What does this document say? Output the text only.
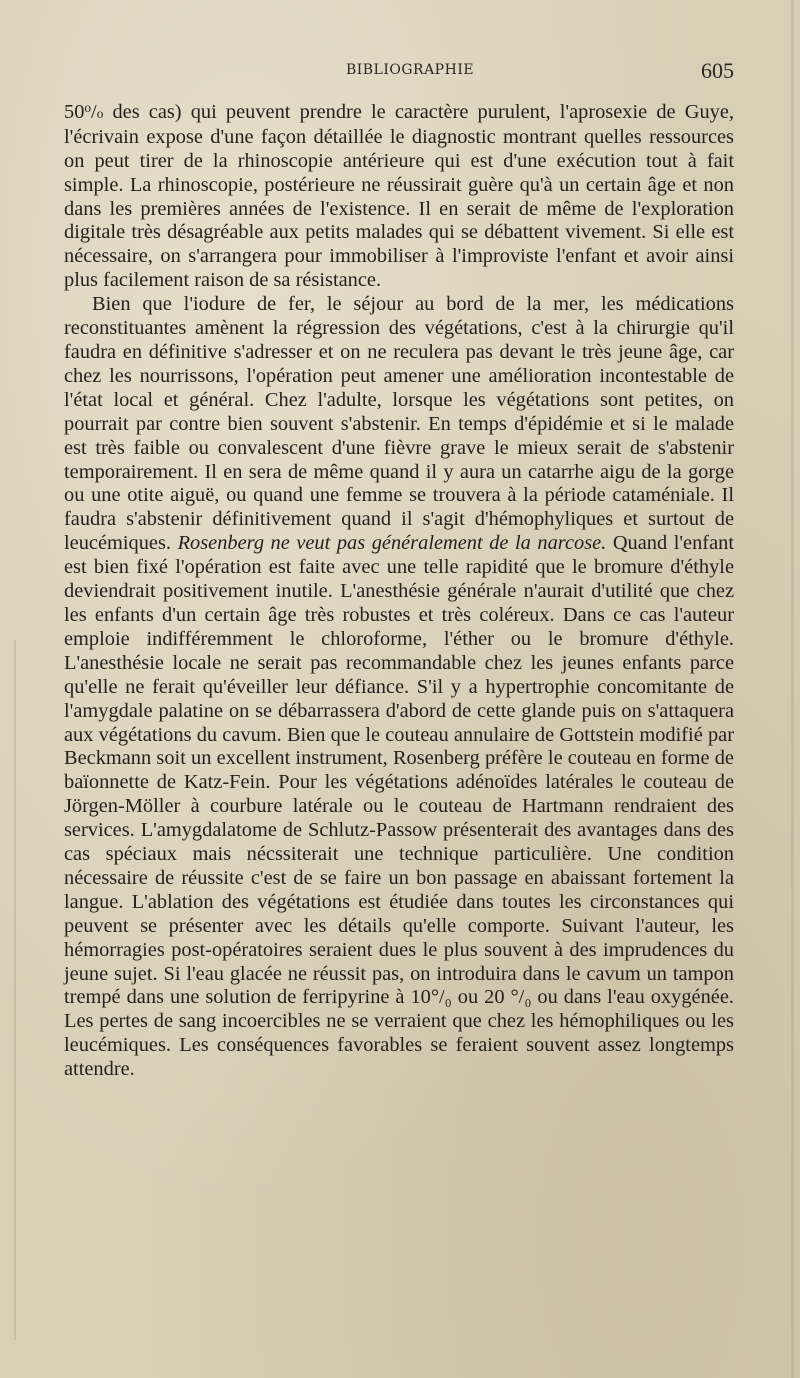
BIBLIOGRAPHIE	605

50$^o$/o des cas) qui peuvent prendre le caractère purulent, l'aprosexie de Guye, l'écrivain expose d'une façon détaillée le diagnostic montrant quelles ressources on peut tirer de la rhinoscopie antérieure qui est d'une exécution tout à fait simple. La rhinoscopie, postérieure ne réussirait guère qu'à un certain âge et non dans les premières années de l'existence. Il en serait de même de l'exploration digitale très désagréable aux petits malades qui se débattent vivement. Si elle est nécessaire, on s'arrangera pour immobiliser à l'improviste l'enfant et avoir ainsi plus facilement raison de sa résistance.

Bien que l'iodure de fer, le séjour au bord de la mer, les médications reconstituantes amènent la régression des végétations, c'est à la chirurgie qu'il faudra en définitive s'adresser et on ne reculera pas devant le très jeune âge, car chez les nourrissons, l'opération peut amener une amélioration incontestable de l'état local et général. Chez l'adulte, lorsque les végétations sont petites, on pourrait par contre bien souvent s'abstenir. En temps d'épidémie et si le malade est très faible ou convalescent d'une fièvre grave le mieux serait de s'abstenir temporairement. Il en sera de même quand il y aura un catarrhe aigu de la gorge ou une otite aiguë, ou quand une femme se trouvera à la période cataméniale. Il faudra s'abstenir définitivement quand il s'agit d'hémophyliques et surtout de leucémiques. Rosenberg ne veut pas généralement de la narcose. Quand l'enfant est bien fixé l'opération est faite avec une telle rapidité que le bromure d'éthyle deviendrait positivement inutile. L'anesthésie générale n'aurait d'utilité que chez les enfants d'un certain âge très robustes et très coléreux. Dans ce cas l'auteur emploie indifféremment le chloroforme, l'éther ou le bromure d'éthyle. L'anesthésie locale ne serait pas recommandable chez les jeunes enfants parce qu'elle ne ferait qu'éveiller leur défiance. S'il y a hypertrophie concomitante de l'amygdale palatine on se débarrassera d'abord de cette glande puis on s'attaquera aux végétations du cavum. Bien que le couteau annulaire de Gottstein modifié par Beckmann soit un excellent instrument, Rosenberg préfère le couteau en forme de baïonnette de Katz-Fein. Pour les végétations adénoïdes latérales le couteau de Jörgen-Möller à courbure latérale ou le couteau de Hartmann rendraient des services. L'amygdalatome de Schlutz-Passow présenterait des avantages dans des cas spéciaux mais nécssiterait une technique particulière. Une condition nécessaire de réussite c'est de se faire un bon passage en abaissant fortement la langue. L'ablation des végétations est étudiée dans toutes les circonstances qui peuvent se présenter avec les détails qu'elle comporte. Suivant l'auteur, les hémorragies post-opératoires seraient dues le plus souvent à des imprudences du jeune sujet. Si l'eau glacée ne réussit pas, on introduira dans le cavum un tampon trempé dans une solution de ferripyrine à 10°/₀ ou 20 °/₀ ou dans l'eau oxygénée. Les pertes de sang incoercibles ne se verraient que chez les hémophiliques ou les leucémiques. Les conséquences favorables se feraient souvent assez longtemps attendre.
